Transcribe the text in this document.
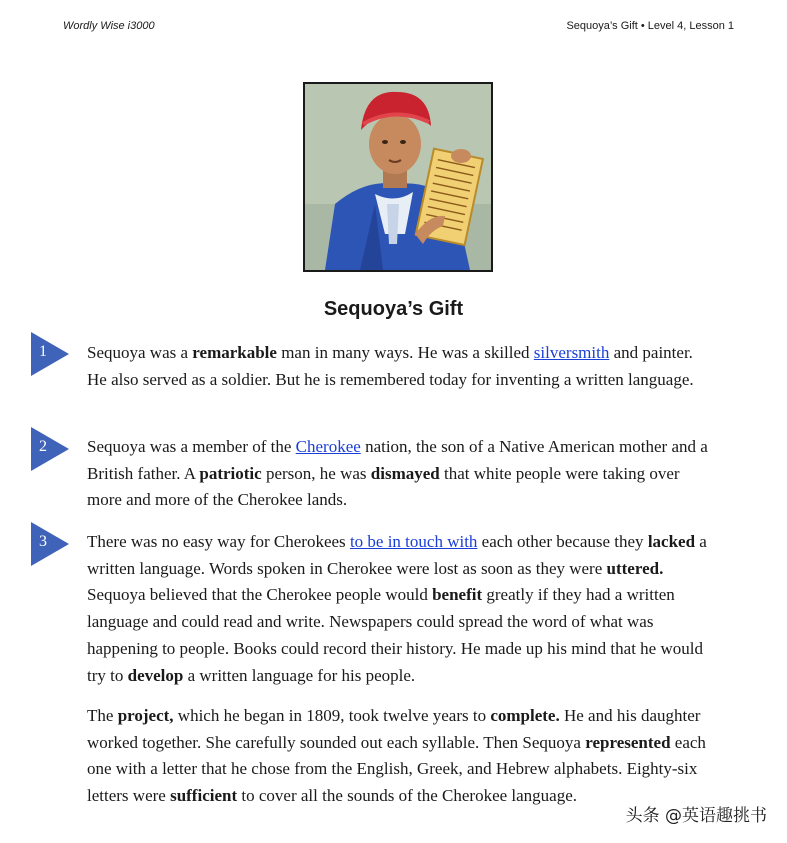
Wordly Wise i3000	Sequoya’s Gift • Level 4, Lesson 1
Sequoya’s Gift
1
2
3

Sequoya was a remarkable man in many ways. He was a skilled silversmith and painter. He also served as a soldier. But he is remembered today for inventing a written language.

Sequoya was a member of the Cherokee nation, the son of a Native American mother and a British father. A patriotic person, he was dismayed that white people were taking over more and more of the Cherokee lands.

There was no easy way for Cherokees to be in touch with each other because they lacked a written language. Words spoken in Cherokee were lost as soon as they were uttered. Sequoya believed that the Cherokee people would benefit greatly if they had a written language and could read and write. Newspapers could spread the word of what was happening to people. Books could record their history. He made up his mind that he would try to develop a written language for his people.

The project, which he began in 1809, took twelve years to complete. He and his daughter worked together. She carefully sounded out each syllable. Then Sequoya represented each one with a letter that he chose from the English, Greek, and Hebrew alphabets. Eighty-six letters were sufficient to cover all the sounds of the Cherokee language.

头条 @英语趣挑书
